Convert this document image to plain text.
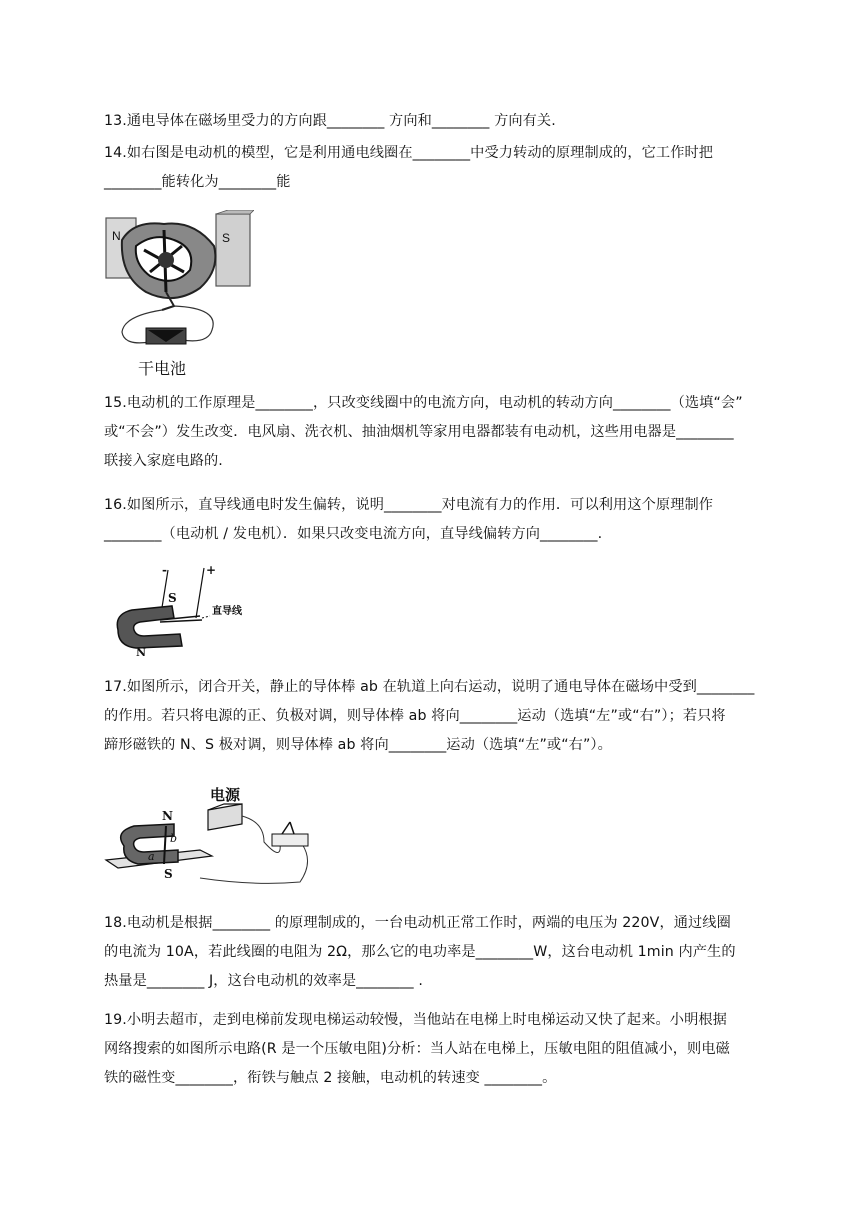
13.通电导体在磁场里受力的方向跟________ 方向和________ 方向有关.

14.如右图是电动机的模型，它是利用通电线圈在________中受力转动的原理制成的，它工作时把

________能转化为________能

N	S
干电池

15.电动机的工作原理是________，只改变线圈中的电流方向，电动机的转动方向________（选填“会”

或“不会”）发生改变．电风扇、洗衣机、抽油烟机等家用电器都装有电动机，这些用电器是________

联接入家庭电路的.

16.如图所示，直导线通电时发生偏转，说明________对电流有力的作用．可以利用这个原理制作

________（电动机 / 发电机）．如果只改变电流方向，直导线偏转方向________.

-	+
S
N
直导线

17.如图所示，闭合开关，静止的导体棒 ab 在轨道上向右运动，说明了通电导体在磁场中受到________

的作用。若只将电源的正、负极对调，则导体棒 ab 将向________运动（选填“左”或“右”）；若只将

蹄形磁铁的 N、S 极对调，则导体棒 ab 将向________运动（选填“左”或“右”）。

电源
N
S
a
b

18.电动机是根据________ 的原理制成的，一台电动机正常工作时，两端的电压为 220V，通过线圈

的电流为 10A，若此线圈的电阻为 2Ω，那么它的电功率是________W，这台电动机 1min 内产生的

热量是________ J，这台电动机的效率是________ .

19.小明去超市，走到电梯前发现电梯运动较慢，当他站在电梯上时电梯运动又快了起来。小明根据

网络搜索的如图所示电路(R 是一个压敏电阻)分析：当人站在电梯上，压敏电阻的阻值减小，则电磁

铁的磁性变________，衔铁与触点 2 接触，电动机的转速变 ________。
